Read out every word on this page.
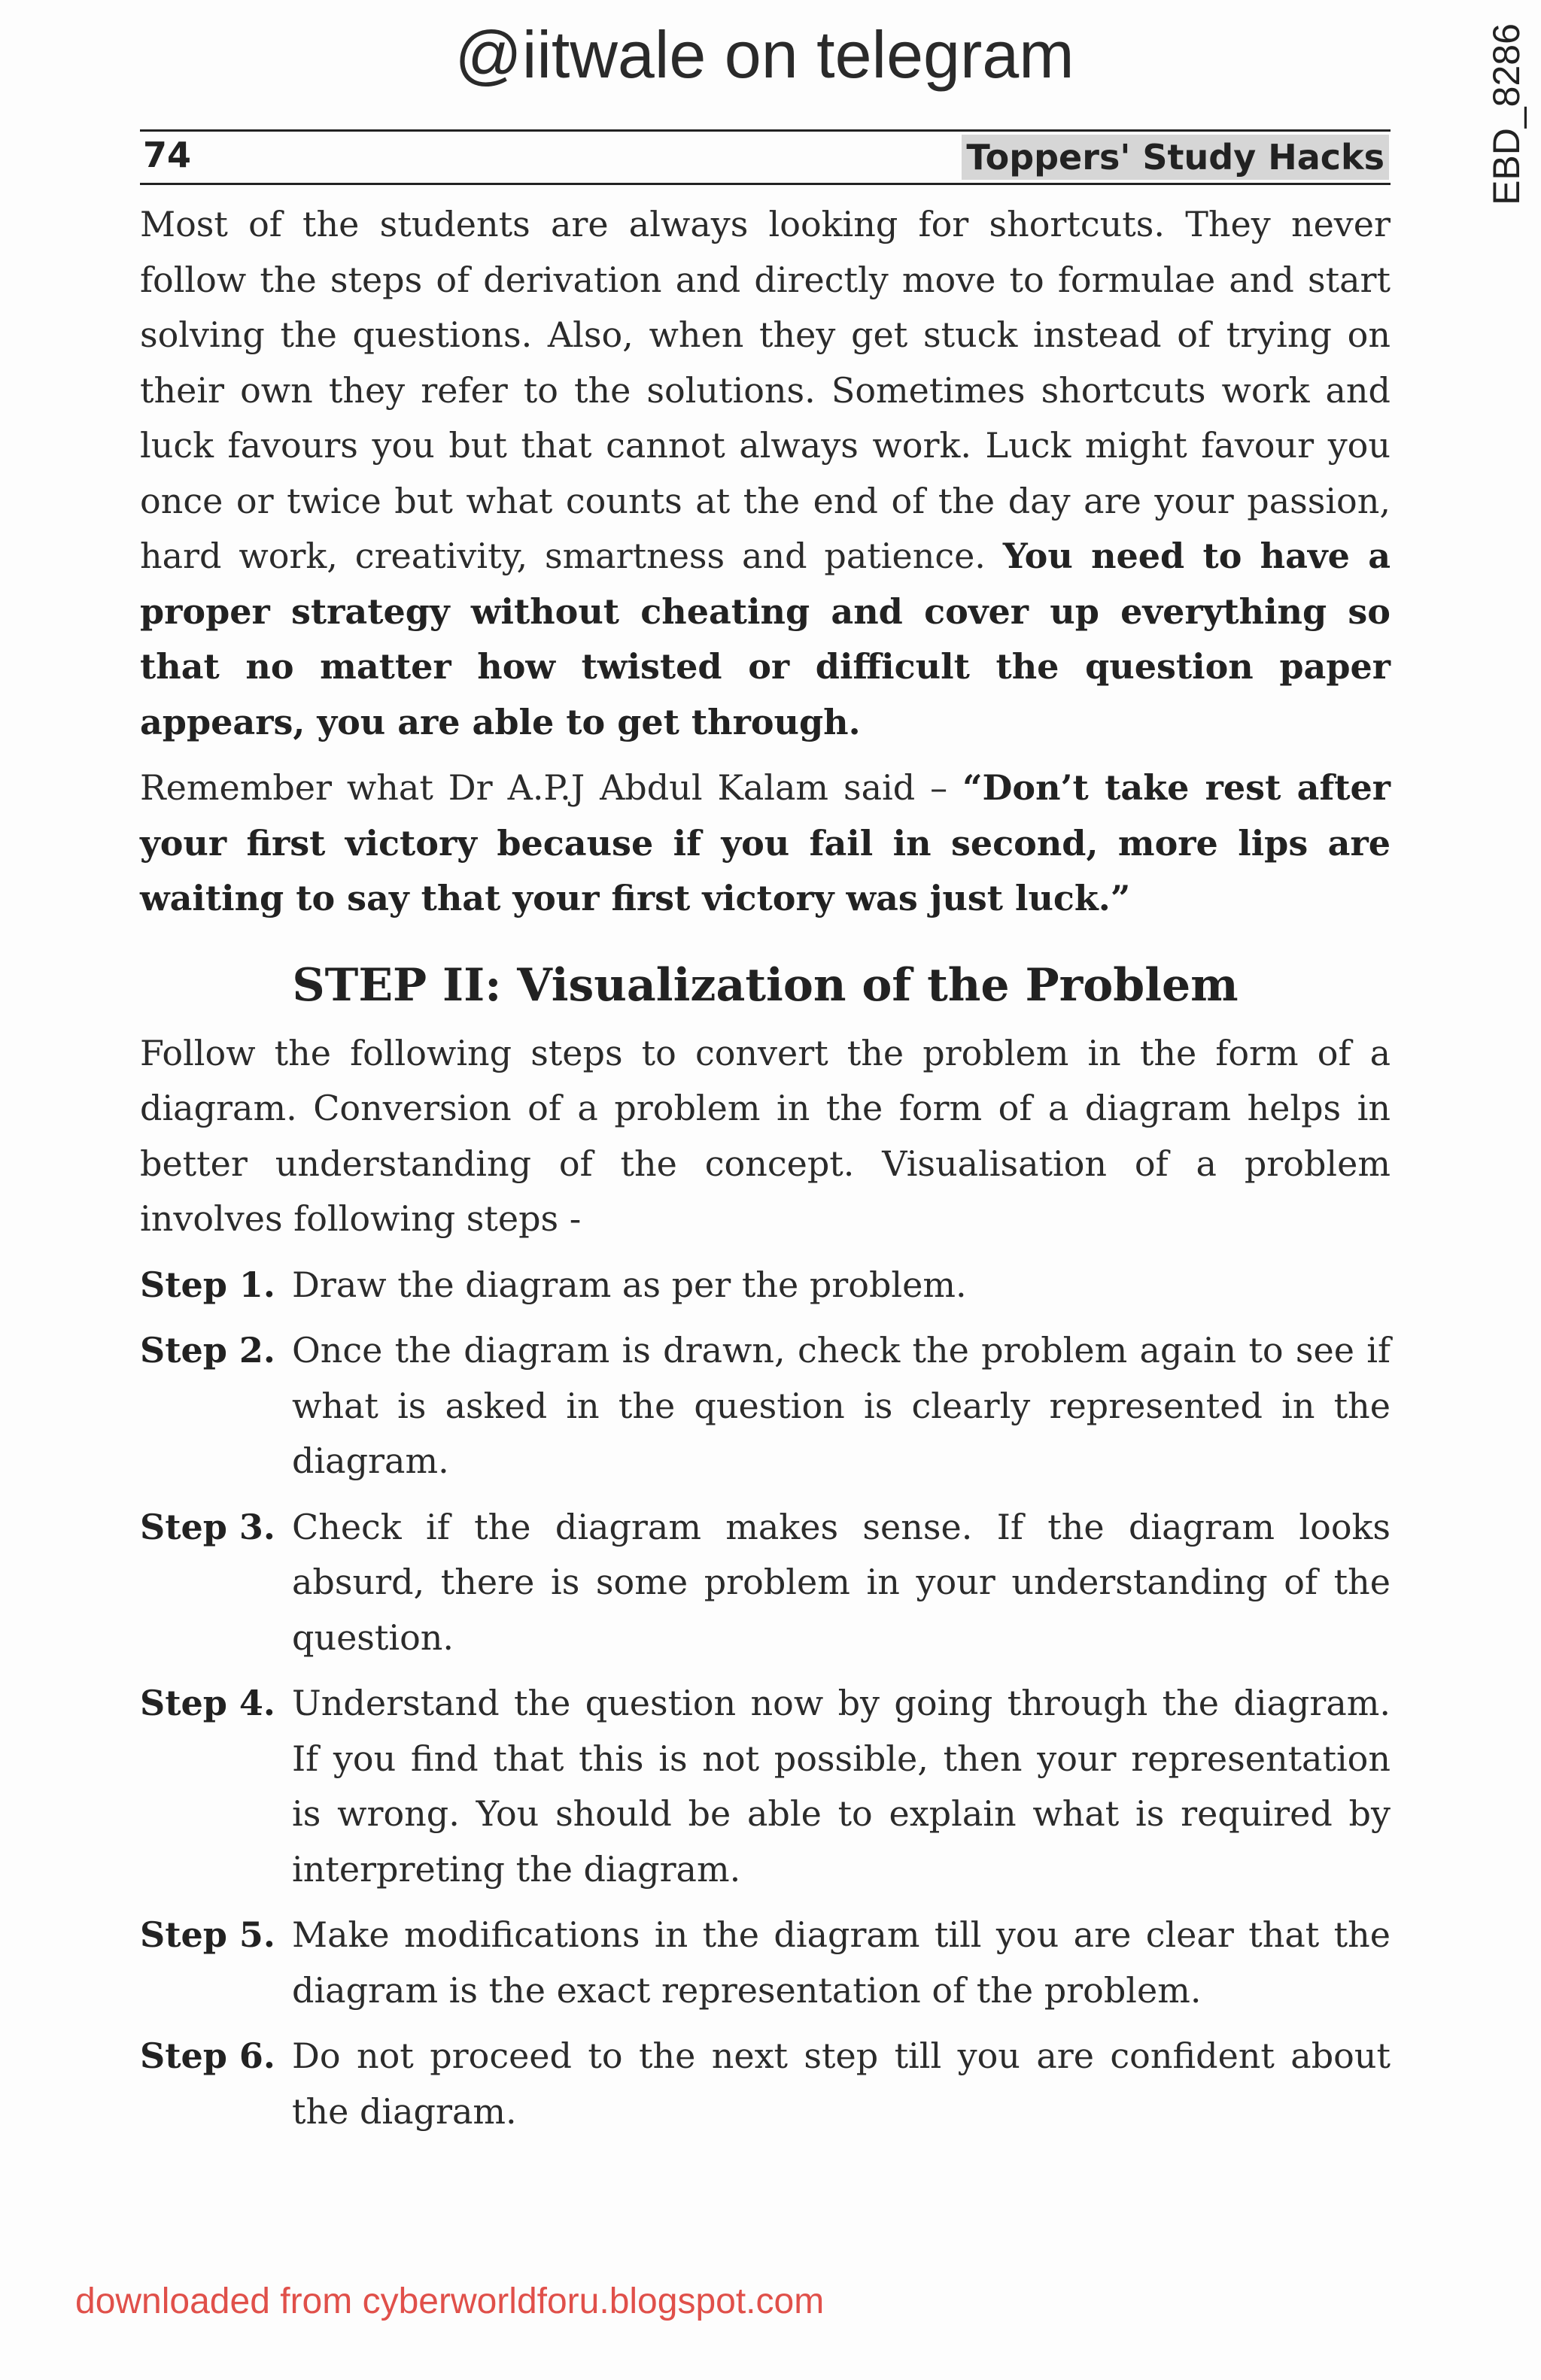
@iitwale on telegram	EBD_8286
74	Toppers' Study Hacks

Most of the students are always looking for shortcuts. They never follow the steps of derivation and directly move to formulae and start solving the questions. Also, when they get stuck instead of trying on their own they refer to the solutions. Sometimes shortcuts work and luck favours you but that cannot always work. Luck might favour you once or twice but what counts at the end of the day are your passion, hard work, creativity, smartness and patience. You need to have a proper strategy without cheating and cover up everything so that no matter how twisted or difficult the question paper appears, you are able to get through.

Remember what Dr A.P.J Abdul Kalam said – “Don’t take rest after your first victory because if you fail in second, more lips are waiting to say that your first victory was just luck.”

STEP II: Visualization of the Problem

Follow the following steps to convert the problem in the form of a diagram. Conversion of a problem in the form of a diagram helps in better understanding of the concept. Visualisation of a problem involves following steps -

Step 1. Draw the diagram as per the problem.
Step 2. Once the diagram is drawn, check the problem again to see if what is asked in the question is clearly represented in the diagram.
Step 3. Check if the diagram makes sense. If the diagram looks absurd, there is some problem in your understanding of the question.
Step 4. Understand the question now by going through the diagram. If you find that this is not possible, then your representation is wrong. You should be able to explain what is required by interpreting the diagram.
Step 5. Make modifications in the diagram till you are clear that the diagram is the exact representation of the problem.
Step 6. Do not proceed to the next step till you are confident about the diagram.
downloaded from cyberworldforu.blogspot.com
